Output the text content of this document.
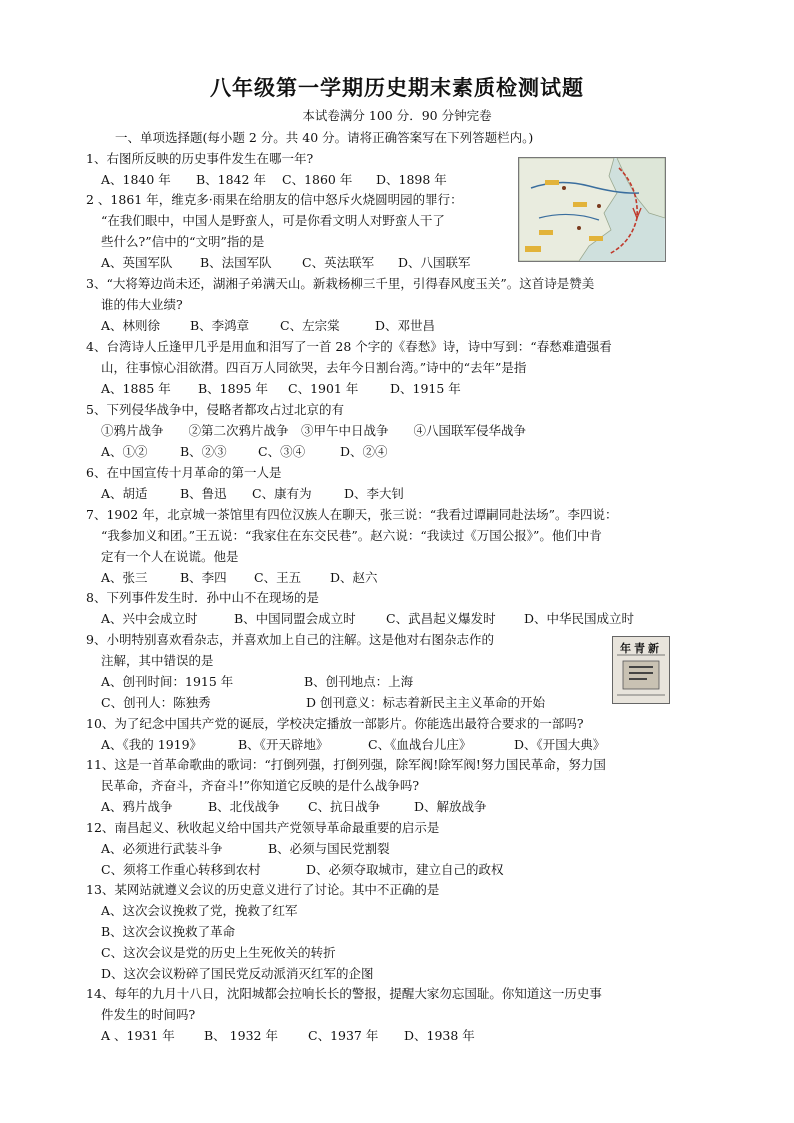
八年级第一学期历史期末素质检测试题
本试卷满分 100 分．90 分钟完卷
一、单项选择题(每小题 2 分。共 40 分。请将正确答案写在下列答题栏内。)
1、右图所反映的历史事件发生在哪一年?
A、1840 年 B、1842 年 C、1860 年 D、1898 年
2 、1861 年，维克多·雨果在给朋友的信中怒斥火烧圆明园的罪行：
“在我们眼中，中国人是野蛮人，可是你看文明人对野蛮人干了
些什么?”信中的“文明”指的是
A、英国军队 B、法国军队 C、英法联军 D、八国联军
3、“大将筹边尚未还，湖湘子弟满天山。新栽杨柳三千里，引得春风度玉关”。这首诗是赞美
谁的伟大业绩?
A、林则徐 B、李鸿章 C、左宗棠	D、邓世昌
4、台湾诗人丘逢甲几乎是用血和泪写了一首 28 个字的《春愁》诗，诗中写到：“春愁难遣强看
山，往事惊心泪欲潸。四百万人同欲哭，去年今日割台湾。”诗中的“去年”是指
A、1885 年 B、1895 年 C、1901 年	D、1915 年
5、下列侵华战争中，侵略者都攻占过北京的有
①鸦片战争　　②第二次鸦片战争　③甲午中日战争　　④八国联军侵华战争
A、①②	B、②③	C、③④	D、②④
6、在中国宣传十月革命的第一人是
A、胡适	B、鲁迅 C、康有为	D、李大钊
7、1902 年，北京城一茶馆里有四位汉族人在聊天，张三说：“我看过谭嗣同赴法场”。李四说：
“我参加义和团。”王五说：“我家住在东交民巷”。赵六说：“我读过《万国公报》”。他们中肯
定有一个人在说谎。他是
A、张三	B、李四 C、王五 D、赵六
8、下列事件发生时．孙中山不在现场的是
A、兴中会成立时	B、中国同盟会成立时 C、武昌起义爆发时 D、中华民国成立时
9、小明特别喜欢看杂志，并喜欢加上自己的注解。这是他对右图杂志作的
注解，其中错误的是
A、创刊时间：1915 年	B、创刊地点：上海
C、创刊人：陈独秀	D 创刊意义：标志着新民主主义革命的开始
年青新
10、为了纪念中国共产党的诞辰，学校决定播放一部影片。你能选出最符合要求的一部吗?
A、《我的 1919》	B、《开天辟地》	C、《血战台儿庄》	D、《开国大典》
11、这是一首革命歌曲的歌词：“打倒列强，打倒列强，除军阀!除军阀!努力国民革命，努力国
民革命，齐奋斗，齐奋斗!”你知道它反映的是什么战争吗?
A、鸦片战争	B、北伐战争 C、抗日战争	D、解放战争
12、南昌起义、秋收起义给中国共产党领导革命最重要的启示是
A、必须进行武装斗争	B、必须与国民党割裂
C、须将工作重心转移到农村	D、必须夺取城市，建立自己的政权
13、某网站就遵义会议的历史意义进行了讨论。其中不正确的是
A、这次会议挽救了党，挽救了红军
B、这次会议挽救了革命
C、这次会议是党的历史上生死攸关的转折
D、这次会议粉碎了国民党反动派消灭红军的企图
14、每年的九月十八日，沈阳城都会拉响长长的警报，提醒大家勿忘国耻。你知道这一历史事
件发生的时间吗?
A 、1931 年 B、 1932 年 C、1937 年 D、1938 年
